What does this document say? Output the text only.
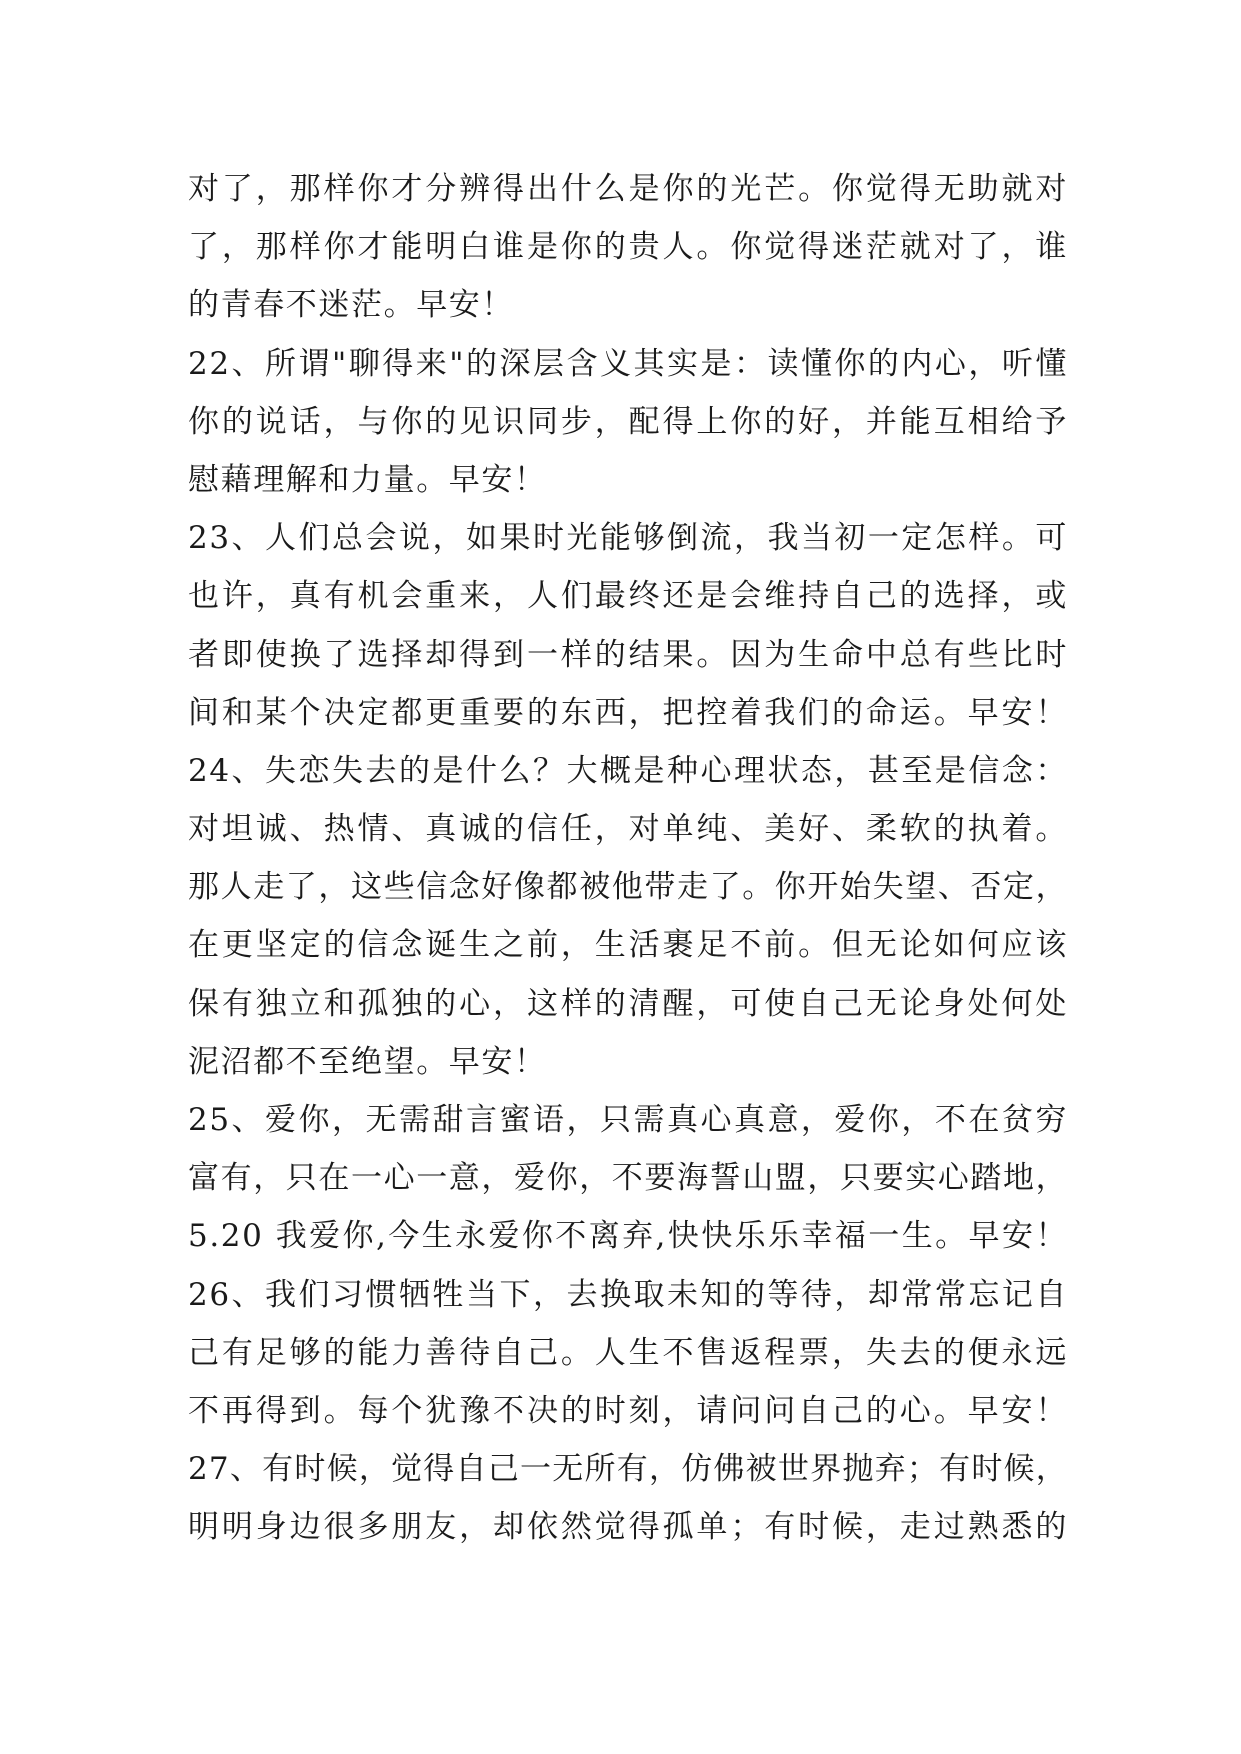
对了，那样你才分辨得出什么是你的光芒。你觉得无助就对
了，那样你才能明白谁是你的贵人。你觉得迷茫就对了，谁
的青春不迷茫。早安！
22、所谓"聊得来"的深层含义其实是：读懂你的内心，听懂
你的说话，与你的见识同步，配得上你的好，并能互相给予
慰藉理解和力量。早安！
23、人们总会说，如果时光能够倒流，我当初一定怎样。可
也许，真有机会重来，人们最终还是会维持自己的选择，或
者即使换了选择却得到一样的结果。因为生命中总有些比时
间和某个决定都更重要的东西，把控着我们的命运。早安！
24、失恋失去的是什么？大概是种心理状态，甚至是信念：
对坦诚、热情、真诚的信任，对单纯、美好、柔软的执着。
那人走了，这些信念好像都被他带走了。你开始失望、否定，
在更坚定的信念诞生之前，生活裹足不前。但无论如何应该
保有独立和孤独的心，这样的清醒，可使自己无论身处何处
泥沼都不至绝望。早安！
25、爱你，无需甜言蜜语，只需真心真意，爱你，不在贫穷
富有，只在一心一意，爱你，不要海誓山盟，只要实心踏地，
5.20 我爱你,今生永爱你不离弃,快快乐乐幸福一生。早安！
26、我们习惯牺牲当下，去换取未知的等待，却常常忘记自
己有足够的能力善待自己。人生不售返程票，失去的便永远
不再得到。每个犹豫不决的时刻，请问问自己的心。早安！
27、有时候，觉得自己一无所有，仿佛被世界抛弃；有时候，
明明身边很多朋友，却依然觉得孤单；有时候，走过熟悉的
